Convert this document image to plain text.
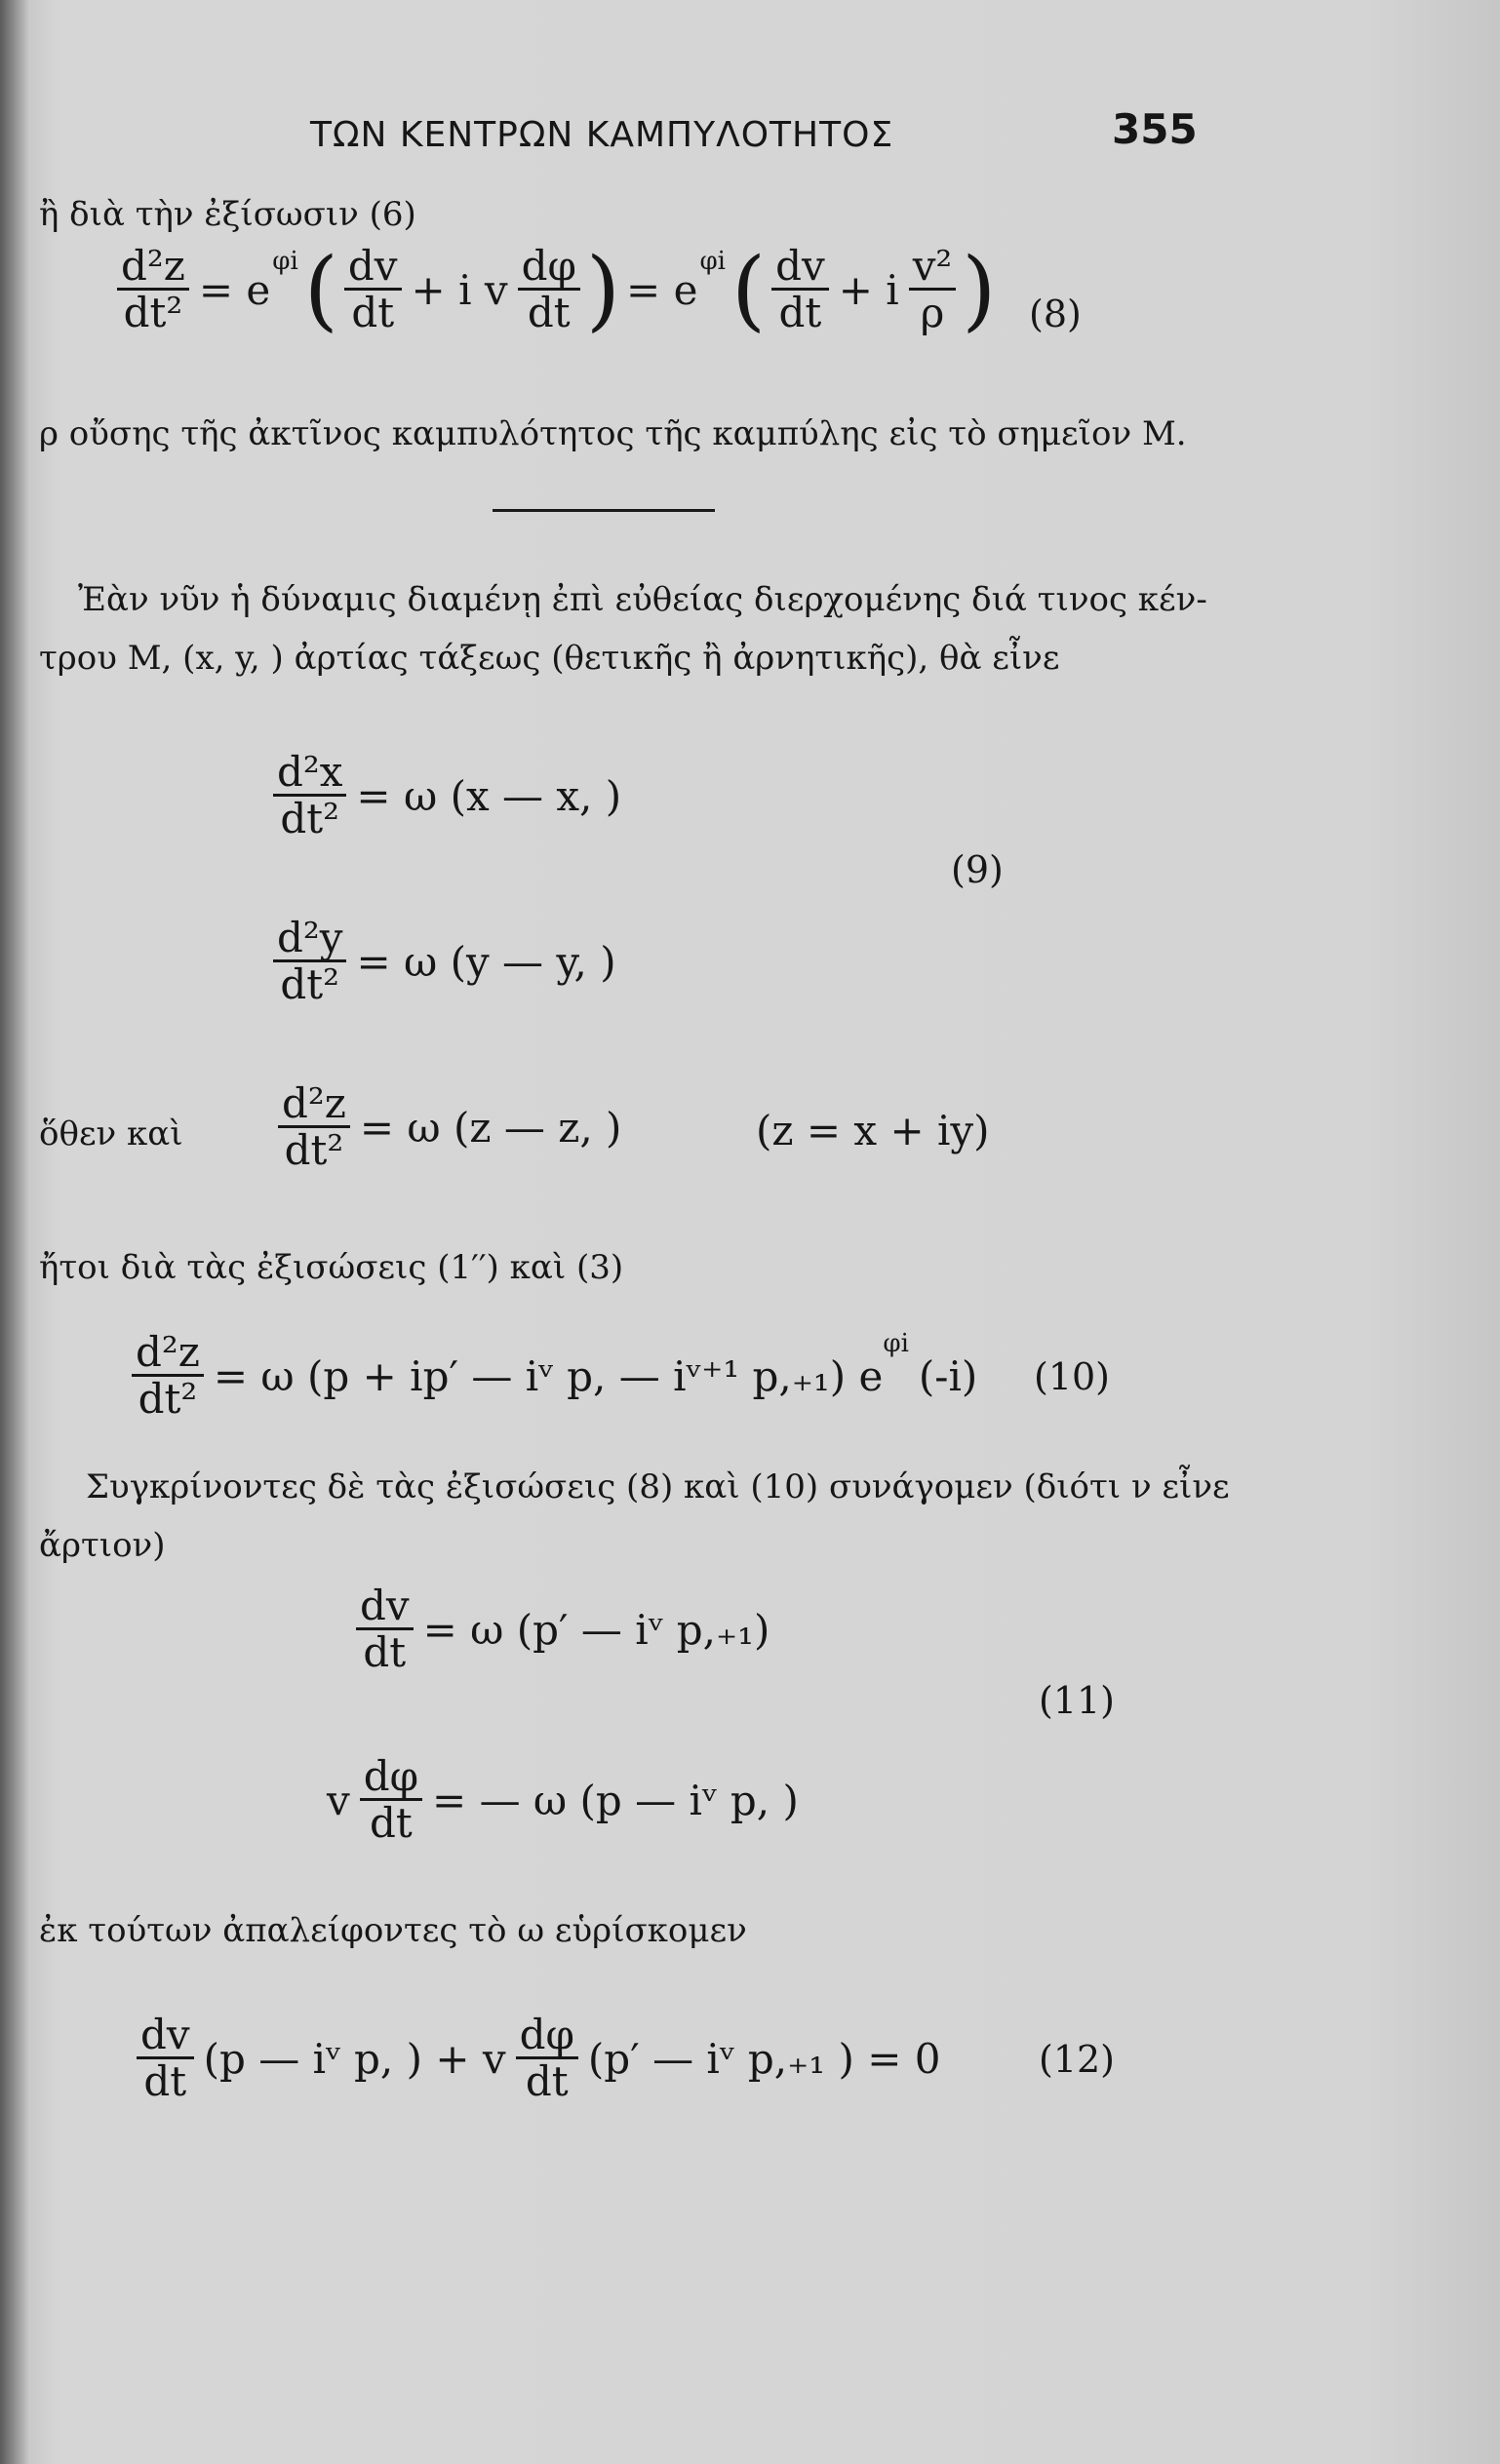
ΤΩΝ ΚΕΝΤΡΩΝ ΚΑΜΠΥΛΟΤΗΤΟΣ	355
ἢ διὰ τὴν ἐξίσωσιν (6)
$\frac{\text{d²z}}{\text{dt²}} = e$
$^{\varphi i}$ ( $\frac{dv}{dt} + i$ v $\frac{d\varphi}{dt}$ ) = e
$^{\varphi i}$ ( $\frac{dv}{dt} + i \frac{\text{v²}}{\rho}$ ) (8)
ρ οὔσης τῆς ἀκτῖνος καμπυλότητος τῆς καμπύλης εἰς τὸ σημεῖον M.
Ἐὰν νῦν ἡ δύναμις διαμένῃ ἐπὶ εὐθείας διερχομένης διά τινος κέν-
τρου M, (x, y, ) ἀρτίας τάξεως (θετικῆς ἢ ἀρνητικῆς), θὰ εἶνε
$\frac{\text{d²x}}{\text{dt²}} = \omega$ (x — x, )
(9)
$\frac{\text{d²y}}{\text{dt²}} = \omega$ (y — y, )
ὅθεν καὶ $\frac{\text{d²z}}{\text{dt²}} = \omega$ (z — z, )	(z = x + iy)
ἤτοι διὰ τὰς ἐξισώσεις (1′′) καὶ (3)
$\frac{\text{d²z}}{\text{dt²}} = \omega$ (p + ip′ — iᵛ p, — iᵛ⁺¹ p,₊₁) e
$^{\varphi i}$
(-i) (10)
Συγκρίνοντες δὲ τὰς ἐξισώσεις (8) καὶ (10) συνάγομεν (διότι ν εἶνε
ἄρτιον)
$\frac{dv}{dt} = \omega$ (p′ — iᵛ p,₊₁)
(11)
v $\frac{d\varphi}{dt}$ = — ω (p — iᵛ p, )
ἐκ τούτων ἀπαλείφοντες τὸ ω εὑρίσκομεν
$\frac{dv}{dt} (p$ — iᵛ p, ) + v $\frac{d\varphi}{dt} (p'$ — iᵛ p,₊₁ ) = 0	(12)
